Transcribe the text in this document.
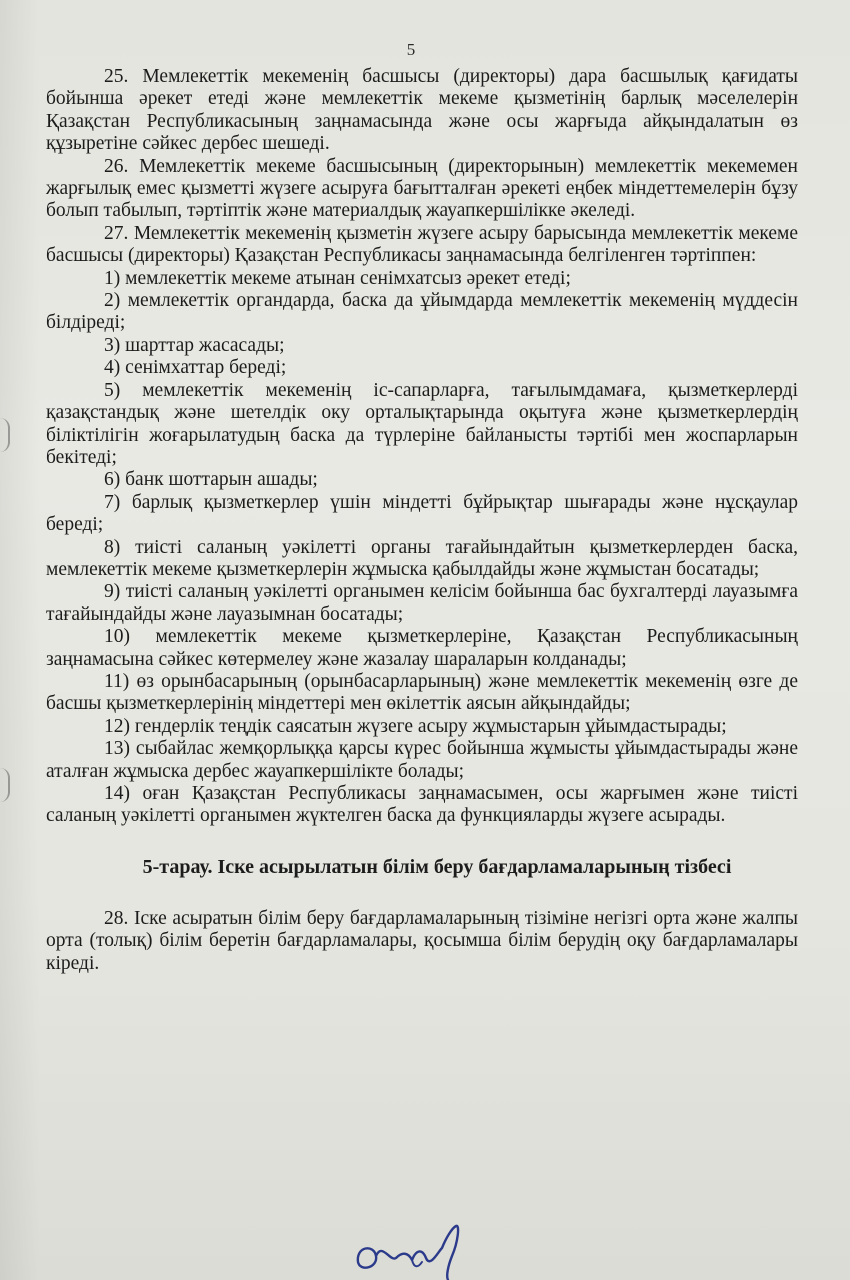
5

25. Мемлекеттік мекеменің басшысы (директоры) дара басшылық қағидаты бойынша әрекет етеді және мемлекеттік мекеме қызметінің барлық мәселелерін Қазақстан Республикасының заңнамасында және осы жарғыда айқындалатын өз құзыретіне сәйкес дербес шешеді.

26. Мемлекеттік мекеме басшысының (директорынын) мемлекеттік мекемемен жарғылық емес қызметті жүзеге асыруға бағытталған әрекеті еңбек міндеттемелерін бұзу болып табылып, тәртіптік және материалдық жауапкершілікке әкеледі.

27. Мемлекеттік мекеменің қызметін жүзеге асыру барысында мемлекеттік мекеме басшысы (директоры) Қазақстан Республикасы заңнамасында белгіленген тәртіппен:

1) мемлекеттік мекеме атынан сенімхатсыз әрекет етеді;

2) мемлекеттік органдарда, баска да ұйымдарда мемлекеттік мекеменің мүддесін білдіреді;

3) шарттар жасасады;

4) сенімхаттар береді;

5) мемлекеттік мекеменің іс-сапарларға, тағылымдамаға, қызметкерлерді қазақстандық және шетелдік оку орталықтарында оқытуға және қызметкерлердің біліктілігін жоғарылатудың баска да түрлеріне байланысты тәртібі мен жоспарларын бекітеді;

6) банк шоттарын ашады;

7) барлық қызметкерлер үшін міндетті бұйрықтар шығарады және нұсқаулар береді;

8) тиісті саланың уәкілетті органы тағайындайтын қызметкерлерден баска, мемлекеттік мекеме қызметкерлерін жұмыска қабылдайды және жұмыстан босатады;

9) тиісті саланың уәкілетті органымен келісім бойынша бас бухгалтерді лауазымға тағайындайды және лауазымнан босатады;

10) мемлекеттік мекеме қызметкерлеріне, Қазақстан Республикасының заңнамасына сәйкес көтермелеу және жазалау шараларын колданады;

11) өз орынбасарының (орынбасарларының) және мемлекеттік мекеменің өзге де басшы қызметкерлерінің міндеттері мен өкілеттік аясын айқындайды;

12) гендерлік теңдік саясатын жүзеге асыру жұмыстарын ұйымдастырады;

13) сыбайлас жемқорлыққа қарсы күрес бойынша жұмысты ұйымдастырады және аталған жұмыска дербес жауапкершілікте болады;

14) оған Қазақстан Республикасы заңнамасымен, осы жарғымен және тиісті саланың уәкілетті органымен жүктелген баска да функцияларды жүзеге асырады.

5-тарау. Іске асырылатын білім беру бағдарламаларының тізбесі

28. Іске асыратын білім беру бағдарламаларының тізіміне негізгі орта және жалпы орта (толық) білім беретін бағдарламалары, қосымша білім берудің оқу бағдарламалары кіреді.
